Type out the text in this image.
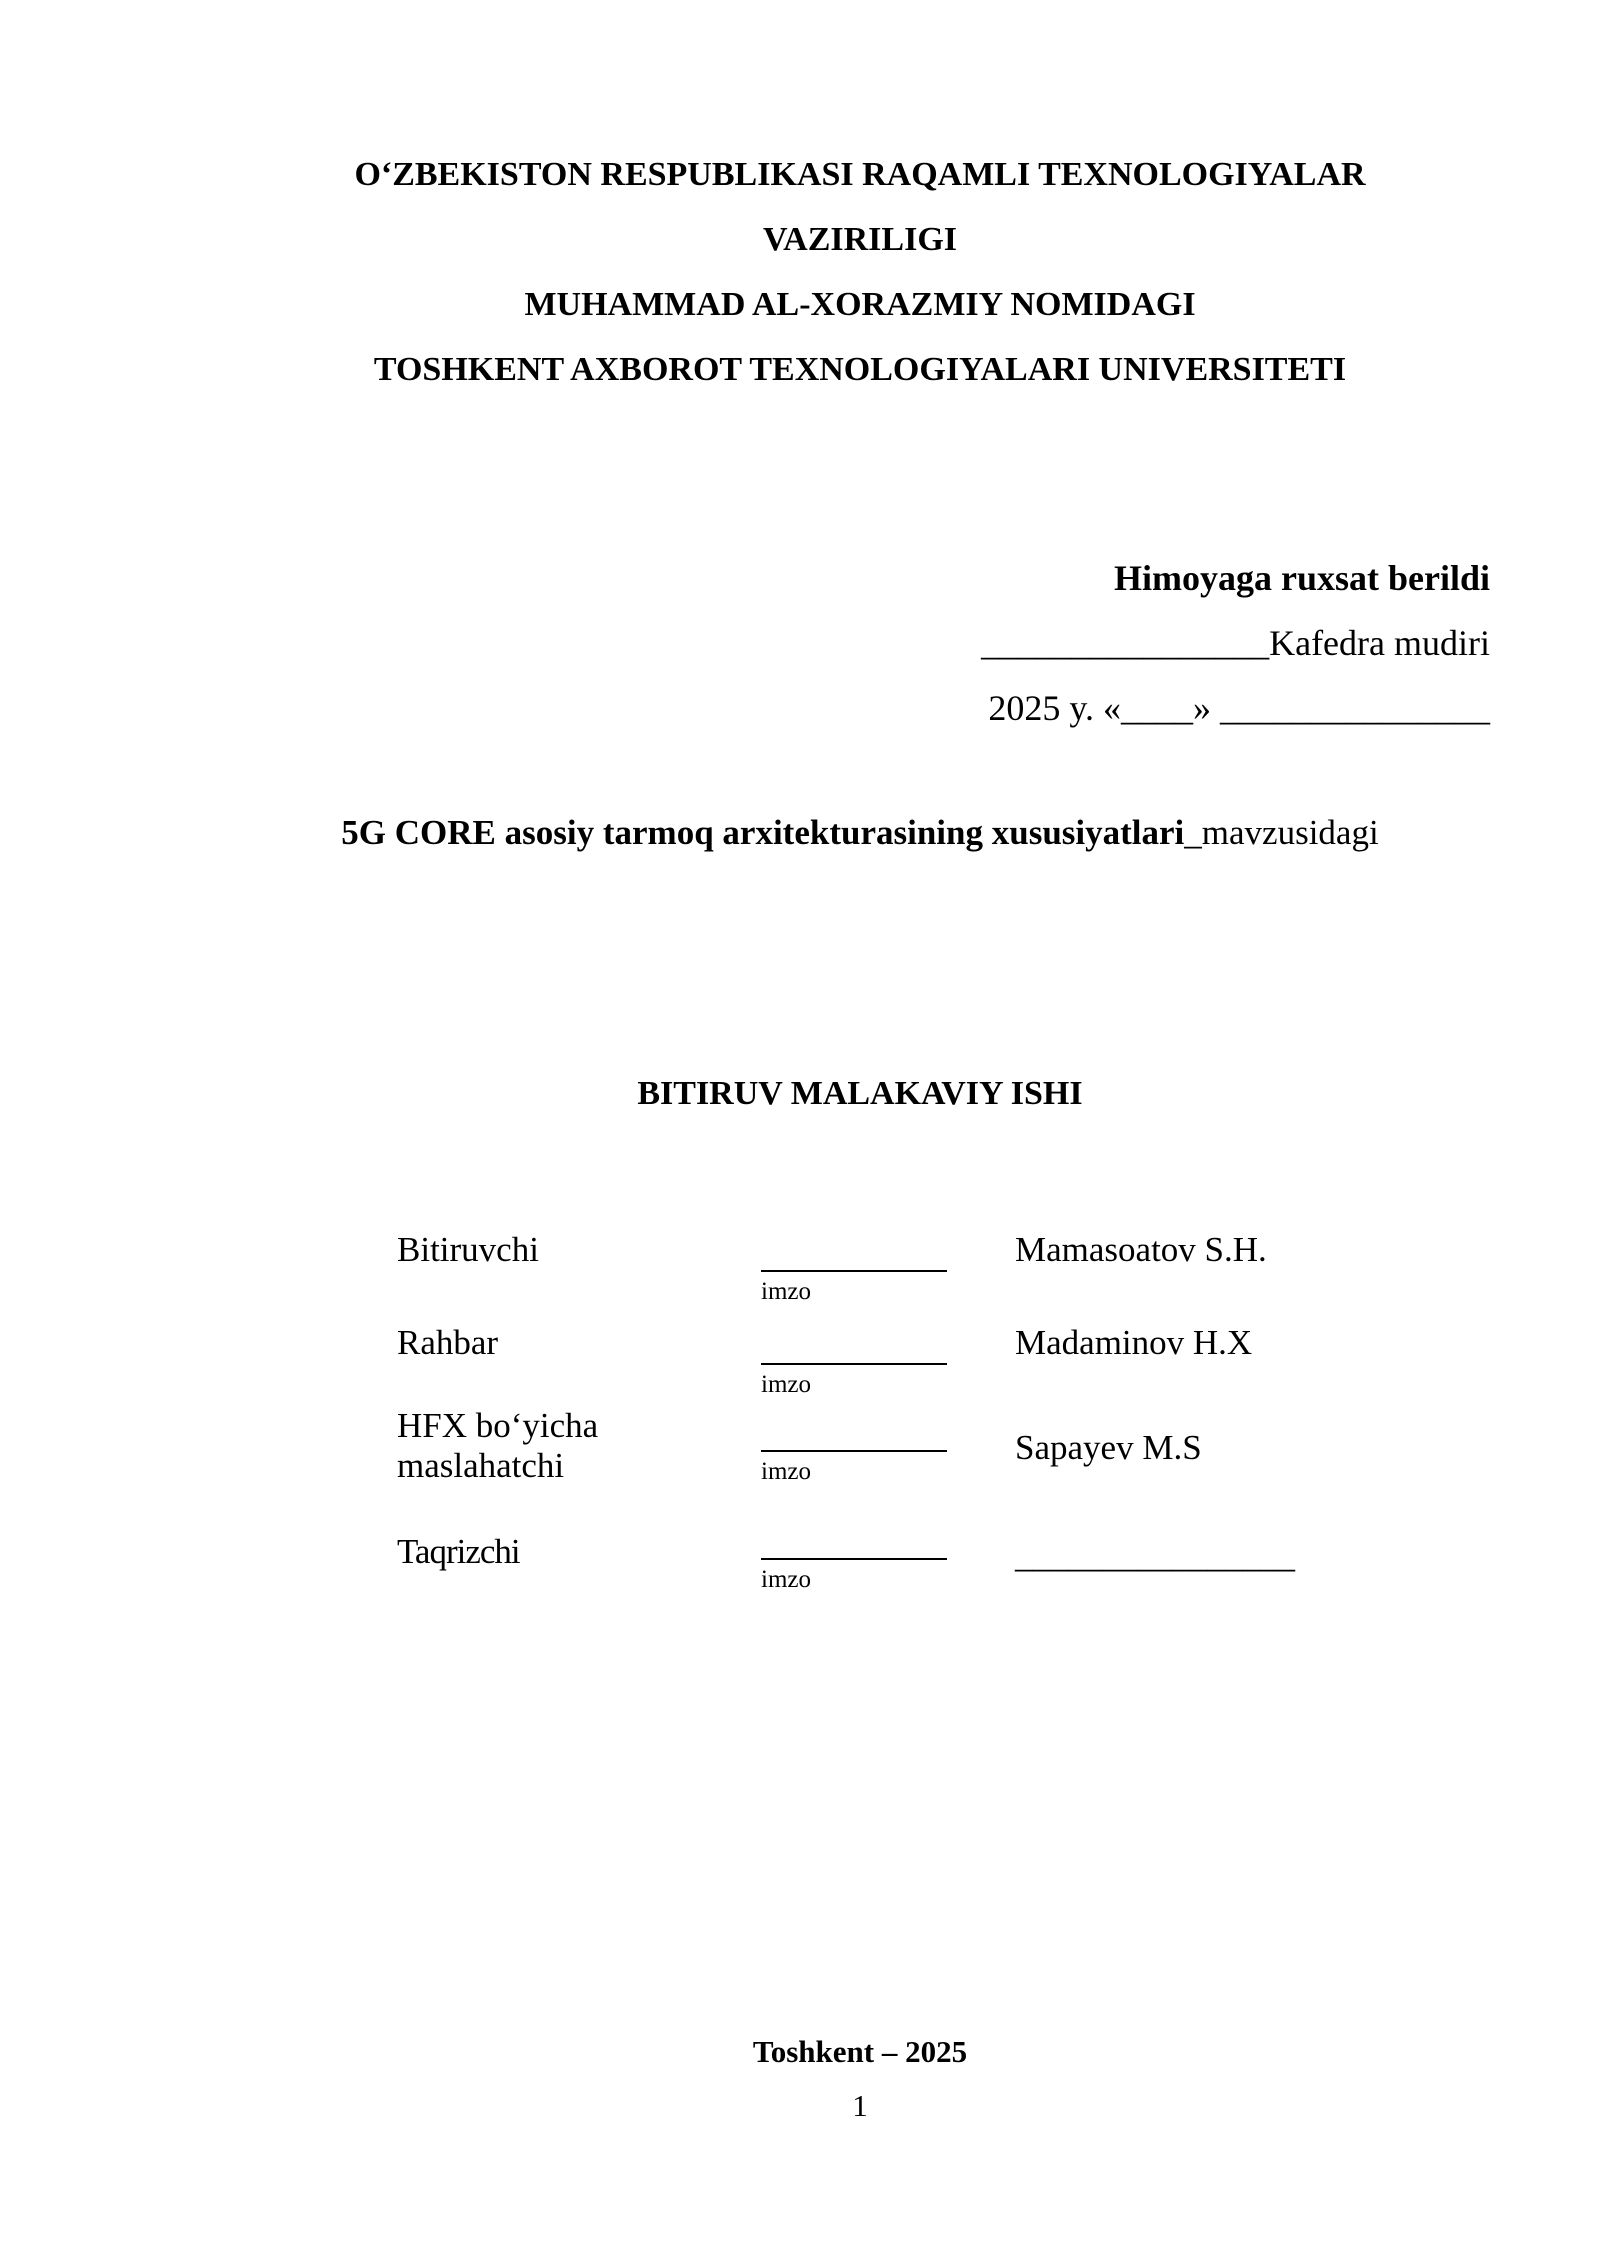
O‘ZBEKISTON RESPUBLIKASI RAQAMLI TEXNOLOGIYALAR
VAZIRILIGI
MUHAMMAD AL-XORAZMIY NOMIDAGI
TOSHKENT AXBOROT TEXNOLOGIYALARI UNIVERSITETI
Himoyaga ruxsat berildi
________________Kafedra mudiri
2025 y. «____» _______________
5G CORE asosiy tarmoq arxitekturasining xususiyatlari_mavzusidagi
BITIRUV MALAKAVIY ISHI
Bitiruvchi
imzo
Mamasoatov S.H.
Rahbar
imzo
Madaminov H.X
HFX bo‘yicha maslahatchi	imzo
Sapayev M.S
Taqrizchi
imzo
________________
Toshkent – 2025
1
